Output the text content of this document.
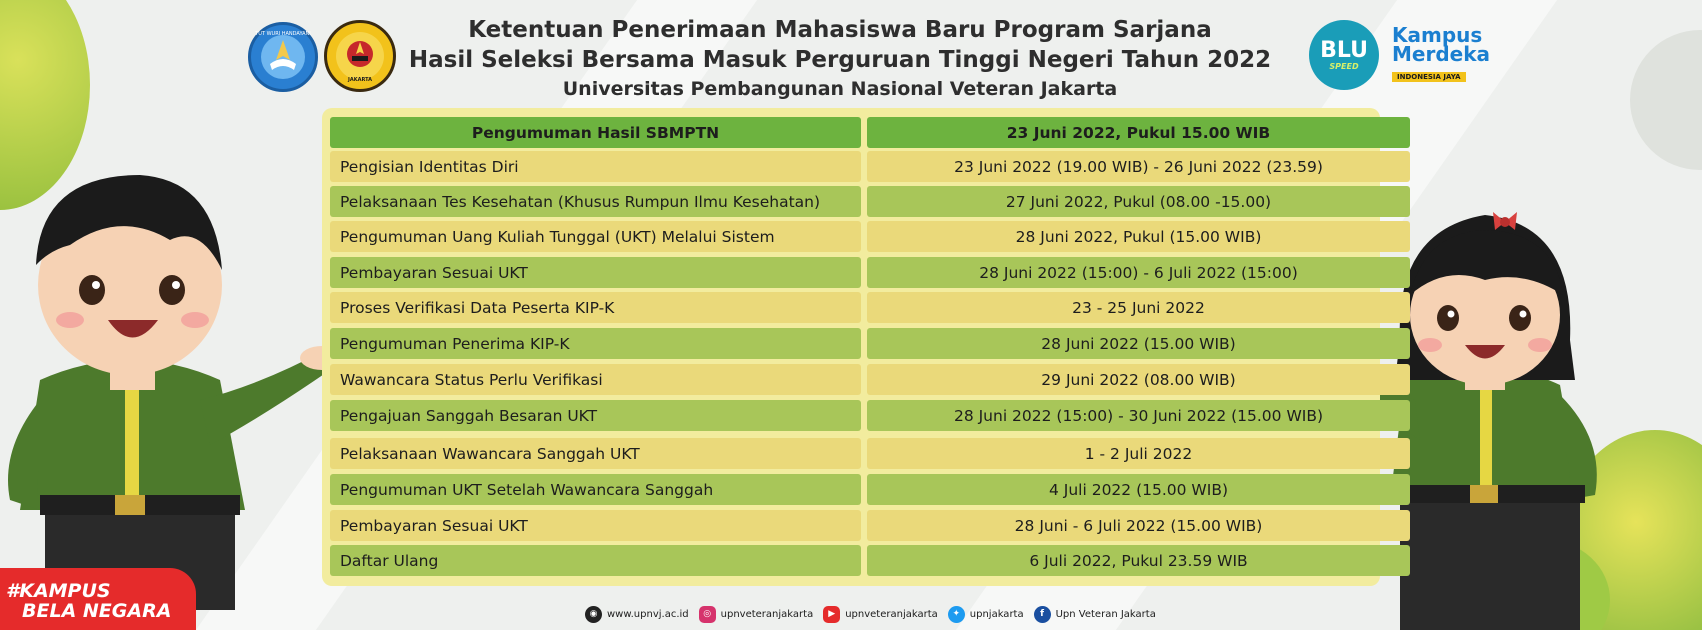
TUT WURI HANDAYANI
JAKARTA
Ketentuan Penerimaan Mahasiswa Baru Program Sarjana
Hasil Seleksi Bersama Masuk Perguruan Tinggi Negeri Tahun 2022
Universitas Pembangunan Nasional Veteran Jakarta
BLU
SPEED
Kampus
Merdeka
INDONESIA JAYA
Pengumuman Hasil SBMPTN	23 Juni 2022, Pukul 15.00 WIB
Pengisian Identitas Diri	23 Juni 2022 (19.00 WIB) - 26 Juni 2022 (23.59)
Pelaksanaan Tes Kesehatan (Khusus Rumpun Ilmu Kesehatan)	27 Juni 2022, Pukul (08.00 -15.00)
Pengumuman Uang Kuliah Tunggal (UKT) Melalui Sistem	28 Juni 2022, Pukul (15.00 WIB)
Pembayaran Sesuai UKT	28 Juni 2022 (15:00) - 6 Juli 2022 (15:00)
Proses Verifikasi Data Peserta KIP-K	23 - 25 Juni 2022
Pengumuman Penerima KIP-K	28 Juni 2022 (15.00 WIB)
Wawancara Status Perlu Verifikasi	29 Juni 2022 (08.00 WIB)
Pengajuan Sanggah Besaran UKT	28 Juni 2022 (15:00) - 30 Juni 2022 (15.00 WIB)
Pelaksanaan Wawancara Sanggah UKT	1 - 2 Juli 2022
Pengumuman UKT Setelah Wawancara Sanggah	4 Juli 2022 (15.00 WIB)
Pembayaran Sesuai UKT	28 Juni - 6 Juli 2022 (15.00 WIB)
Daftar Ulang	6 Juli 2022, Pukul 23.59 WIB
◉ www.upnvj.ac.id	◎ upnveteranjakarta	▶	upnveteranjakarta	✦ upnjakarta	f	Upn Veteran Jakarta
#KAMPUS
BELA NEGARA
